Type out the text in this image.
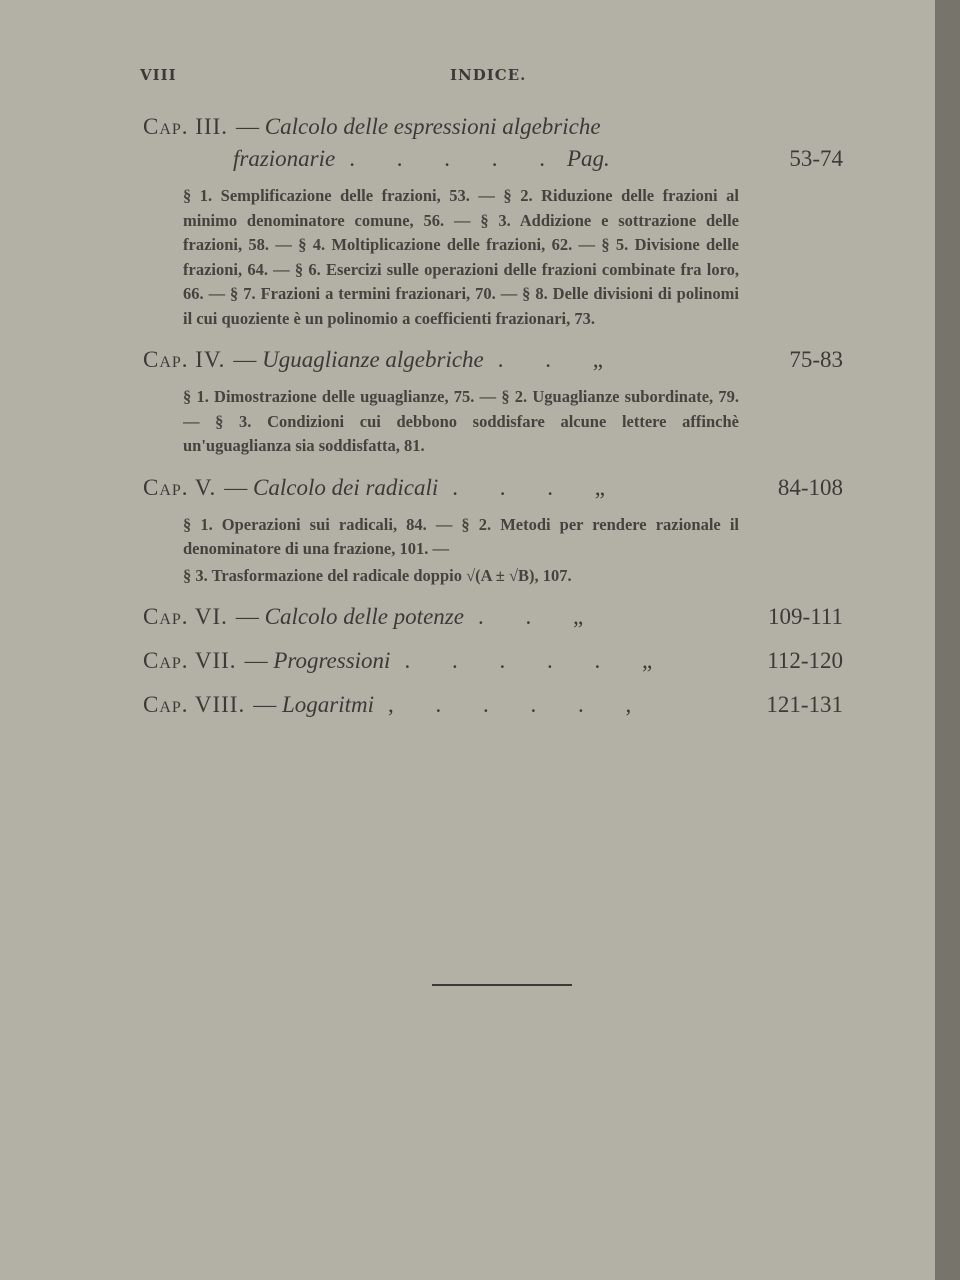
VIII	INDICE.
Cap. III. — Calcolo delle espressioni algebriche
frazionarie . . . . . Pag.	53-74
§ 1. Semplificazione delle frazioni, 53. — § 2. Riduzione delle frazioni al minimo denominatore comune, 56. — § 3. Addizione e sottrazione delle frazioni, 58. — § 4. Moltiplicazione delle frazioni, 62. — § 5. Divisione delle frazioni, 64. — § 6. Esercizi sulle operazioni delle frazioni combinate fra loro, 66. — § 7. Frazioni a termini frazionari, 70. — § 8. Delle divisioni di polinomi il cui quoziente è un polinomio a coefficienti frazionari, 73.
Cap. IV. — Uguaglianze algebriche . . „	75-83
§ 1. Dimostrazione delle uguaglianze, 75. — § 2. Uguaglianze subordinate, 79. — § 3. Condizioni cui debbono soddisfare alcune lettere affinchè un'uguaglianza sia soddisfatta, 81.
Cap. V. — Calcolo dei radicali . . . „	84-108
§ 1. Operazioni sui radicali, 84. — § 2. Metodi per rendere razionale il denominatore di una frazione, 101. —
§ 3. Trasformazione del radicale doppio √(A ± √B), 107.
Cap. VI. — Calcolo delle potenze . . „	109-111
Cap. VII. — Progressioni . . . . . „	112-120
Cap. VIII. — Logaritmi , . . . . ,	121-131
